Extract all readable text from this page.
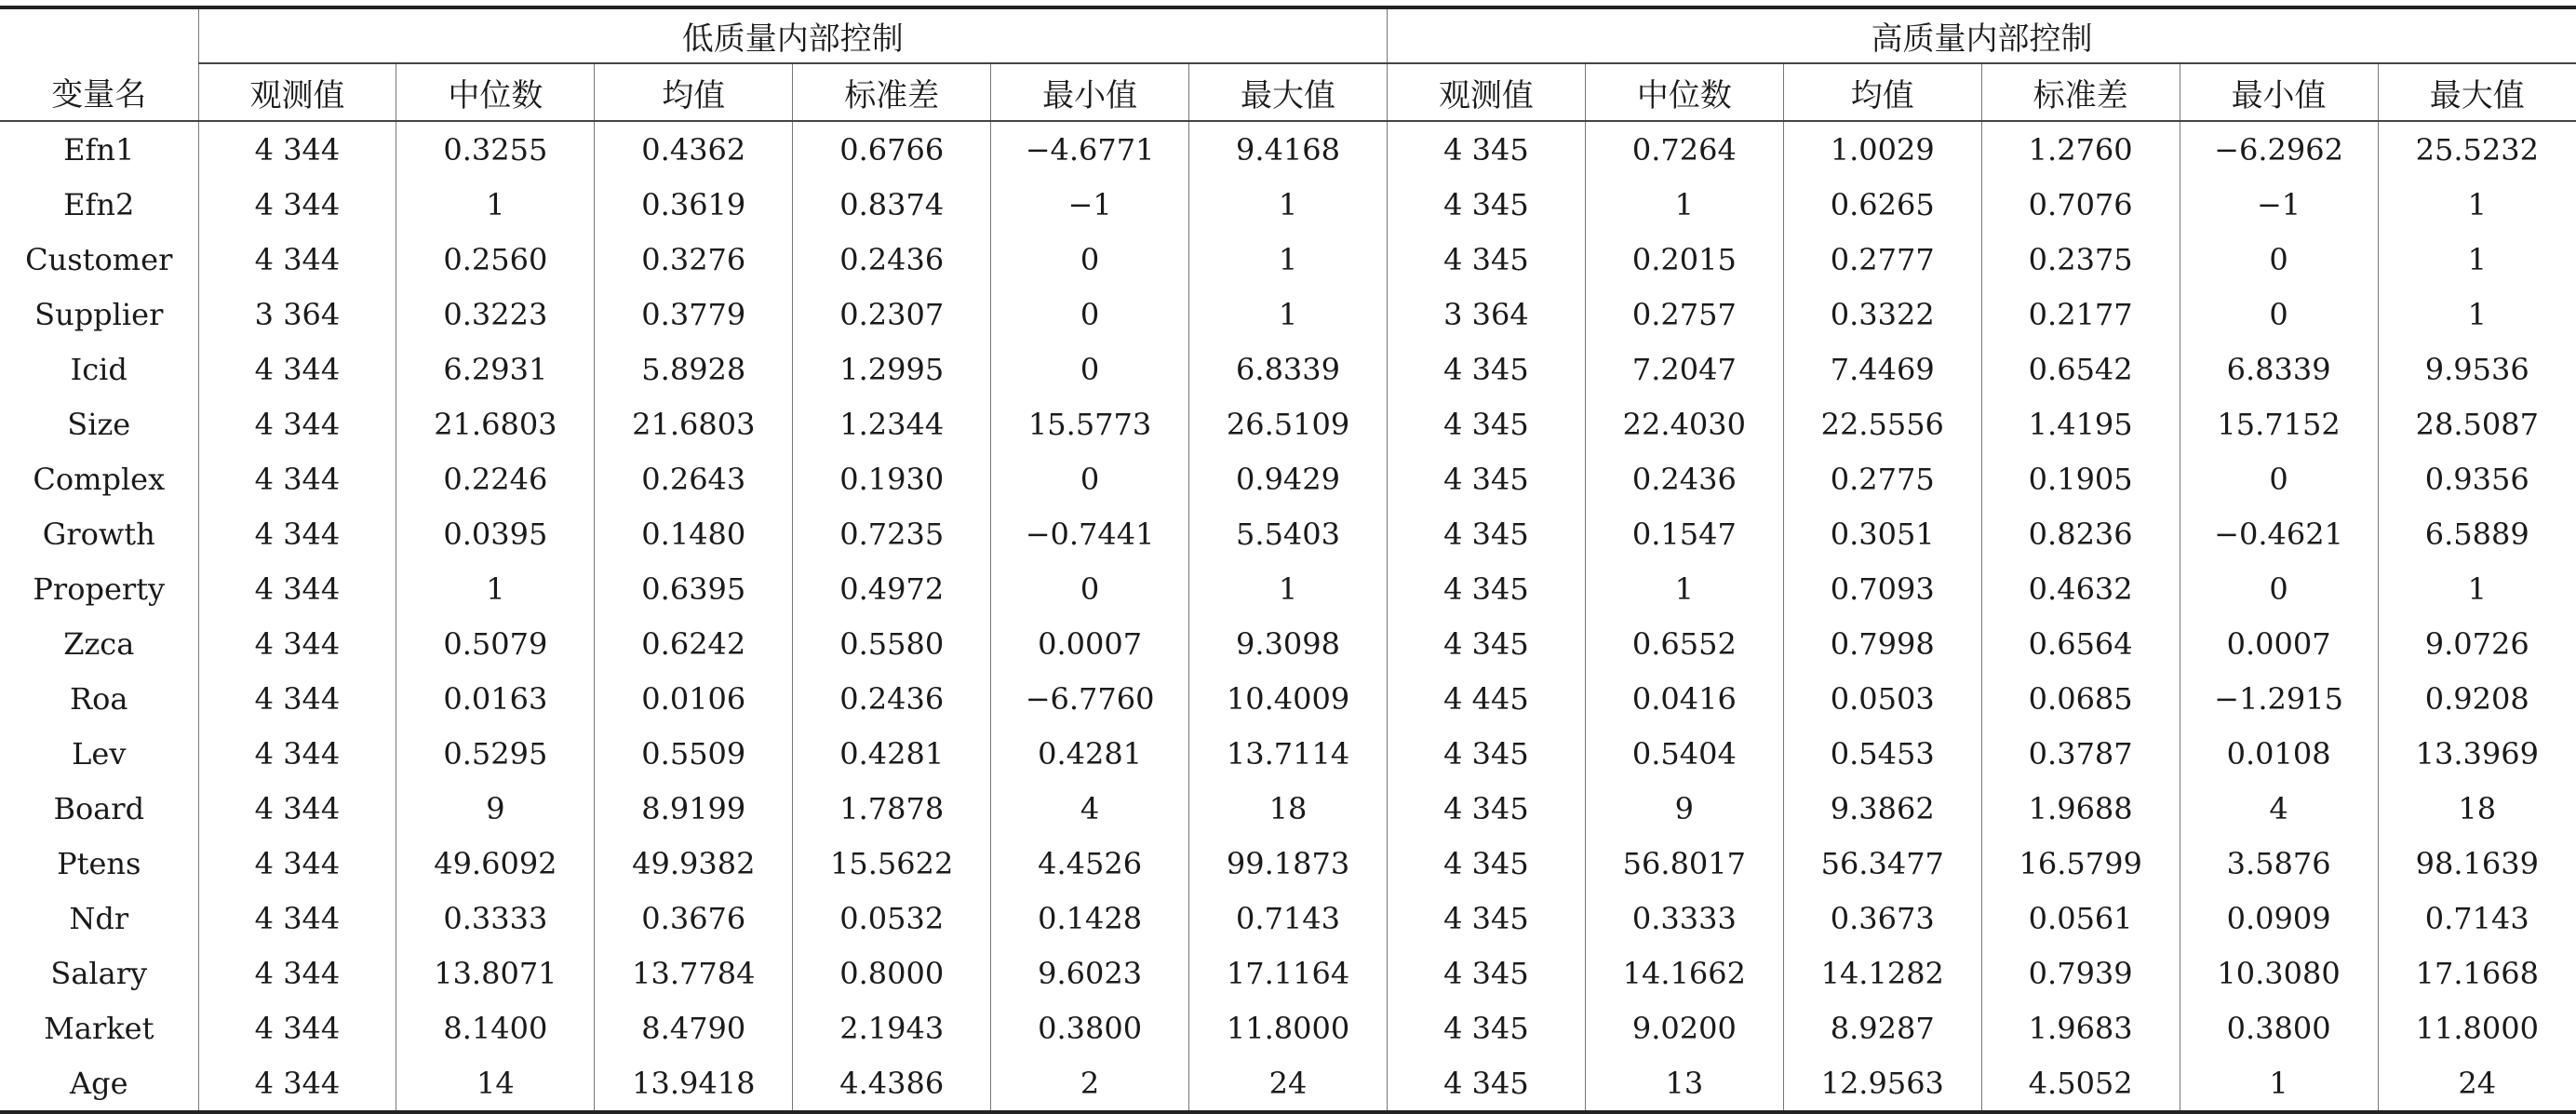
	低质量内部控制						高质量内部控制					
变量名	观测值	中位数	均值	标准差	最小值	最大值	观测值	中位数	均值	标准差	最小值	最大值
Efn1	4 344	0.3255	0.4362	0.6766	−4.6771	9.4168	4 345	0.7264	1.0029	1.2760	−6.2962	25.5232
Efn2	4 344	1	0.3619	0.8374	−1	1	4 345	1	0.6265	0.7076	−1	1
Customer	4 344	0.2560	0.3276	0.2436	0	1	4 345	0.2015	0.2777	0.2375	0	1
Supplier	3 364	0.3223	0.3779	0.2307	0	1	3 364	0.2757	0.3322	0.2177	0	1
Icid	4 344	6.2931	5.8928	1.2995	0	6.8339	4 345	7.2047	7.4469	0.6542	6.8339	9.9536
Size	4 344	21.6803	21.6803	1.2344	15.5773	26.5109	4 345	22.4030	22.5556	1.4195	15.7152	28.5087
Complex	4 344	0.2246	0.2643	0.1930	0	0.9429	4 345	0.2436	0.2775	0.1905	0	0.9356
Growth	4 344	0.0395	0.1480	0.7235	−0.7441	5.5403	4 345	0.1547	0.3051	0.8236	−0.4621	6.5889
Property	4 344	1	0.6395	0.4972	0	1	4 345	1	0.7093	0.4632	0	1
Zzca	4 344	0.5079	0.6242	0.5580	0.0007	9.3098	4 345	0.6552	0.7998	0.6564	0.0007	9.0726
Roa	4 344	0.0163	0.0106	0.2436	−6.7760	10.4009	4 445	0.0416	0.0503	0.0685	−1.2915	0.9208
Lev	4 344	0.5295	0.5509	0.4281	0.4281	13.7114	4 345	0.5404	0.5453	0.3787	0.0108	13.3969
Board	4 344	9	8.9199	1.7878	4	18	4 345	9	9.3862	1.9688	4	18
Ptens	4 344	49.6092	49.9382	15.5622	4.4526	99.1873	4 345	56.8017	56.3477	16.5799	3.5876	98.1639
Ndr	4 344	0.3333	0.3676	0.0532	0.1428	0.7143	4 345	0.3333	0.3673	0.0561	0.0909	0.7143
Salary	4 344	13.8071	13.7784	0.8000	9.6023	17.1164	4 345	14.1662	14.1282	0.7939	10.3080	17.1668
Market	4 344	8.1400	8.4790	2.1943	0.3800	11.8000	4 345	9.0200	8.9287	1.9683	0.3800	11.8000
Age	4 344	14	13.9418	4.4386	2	24	4 345	13	12.9563	4.5052	1	24
